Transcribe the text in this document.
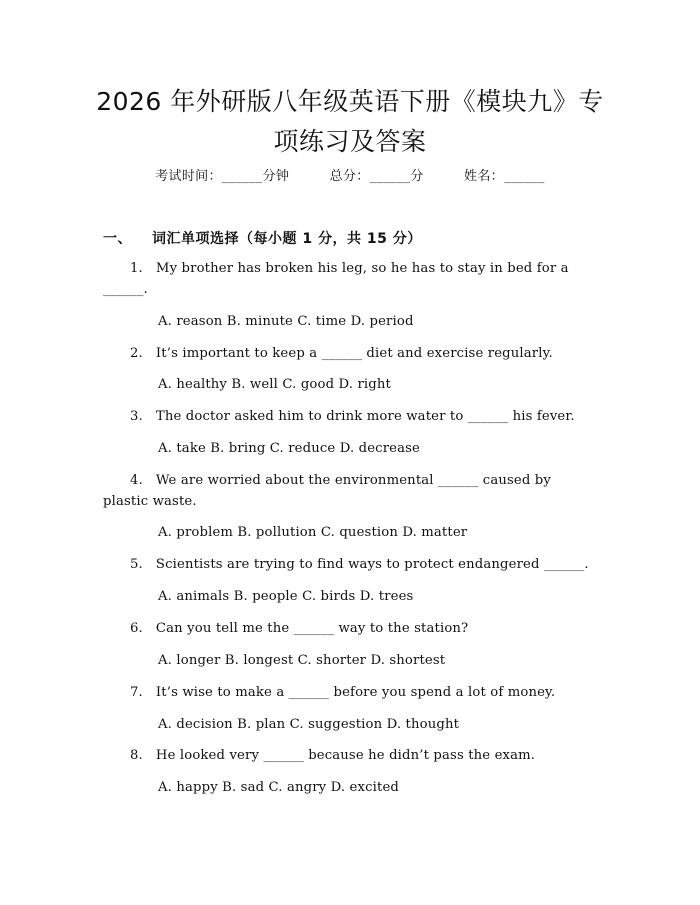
2026 年外研版八年级英语下册《模块九》专
项练习及答案
考试时间：______分钟	总分：______分	姓名：______
一、 词汇单项选择（每小题 1 分，共 15 分）
1. My brother has broken his leg, so he has to stay in bed for a ______.
A. reason B. minute C. time D. period
2. It’s important to keep a ______ diet and exercise regularly.
A. healthy B. well C. good D. right
3. The doctor asked him to drink more water to ______ his fever.
A. take B. bring C. reduce D. decrease
4. We are worried about the environmental ______ caused by plastic waste.
A. problem B. pollution C. question D. matter
5. Scientists are trying to find ways to protect endangered ______.
A. animals B. people C. birds D. trees
6. Can you tell me the ______ way to the station?
A. longer B. longest C. shorter D. shortest
7. It’s wise to make a ______ before you spend a lot of money.
A. decision B. plan C. suggestion D. thought
8. He looked very ______ because he didn’t pass the exam.
A. happy B. sad C. angry D. excited
